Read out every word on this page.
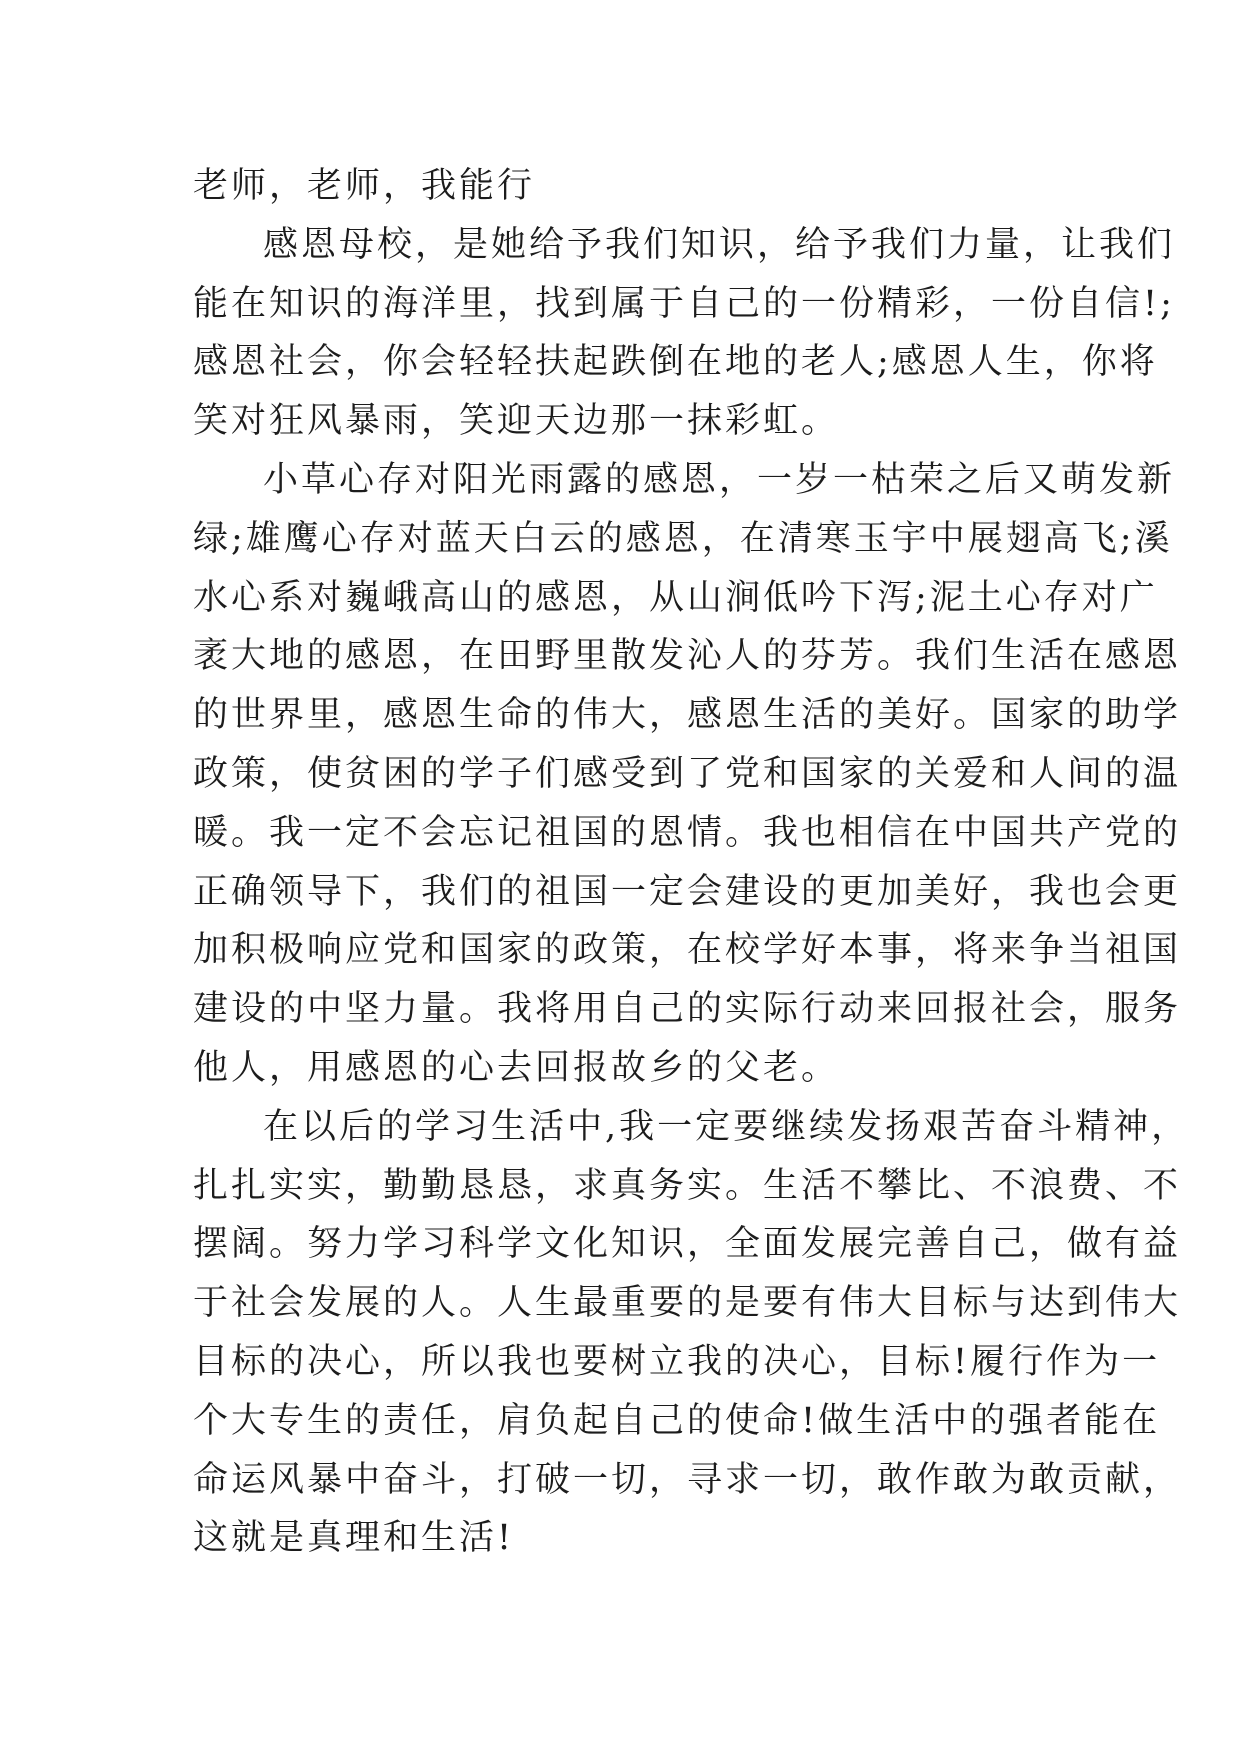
老师，老师，我能行
感恩母校，是她给予我们知识，给予我们力量，让我们
能在知识的海洋里，找到属于自己的一份精彩，一份自信!;
感恩社会，你会轻轻扶起跌倒在地的老人;感恩人生，你将
笑对狂风暴雨，笑迎天边那一抹彩虹。
小草心存对阳光雨露的感恩，一岁一枯荣之后又萌发新
绿;雄鹰心存对蓝天白云的感恩，在清寒玉宇中展翅高飞;溪
水心系对巍峨高山的感恩，从山涧低吟下泻;泥土心存对广
袤大地的感恩，在田野里散发沁人的芬芳。我们生活在感恩
的世界里，感恩生命的伟大，感恩生活的美好。国家的助学
政策，使贫困的学子们感受到了党和国家的关爱和人间的温
暖。我一定不会忘记祖国的恩情。我也相信在中国共产党的
正确领导下，我们的祖国一定会建设的更加美好，我也会更
加积极响应党和国家的政策，在校学好本事，将来争当祖国
建设的中坚力量。我将用自己的实际行动来回报社会，服务
他人，用感恩的心去回报故乡的父老。
在以后的学习生活中,我一定要继续发扬艰苦奋斗精神，
扎扎实实，勤勤恳恳，求真务实。生活不攀比、不浪费、不
摆阔。努力学习科学文化知识，全面发展完善自己，做有益
于社会发展的人。人生最重要的是要有伟大目标与达到伟大
目标的决心，所以我也要树立我的决心，目标!履行作为一
个大专生的责任，肩负起自己的使命!做生活中的强者能在
命运风暴中奋斗，打破一切，寻求一切，敢作敢为敢贡献，
这就是真理和生活!
